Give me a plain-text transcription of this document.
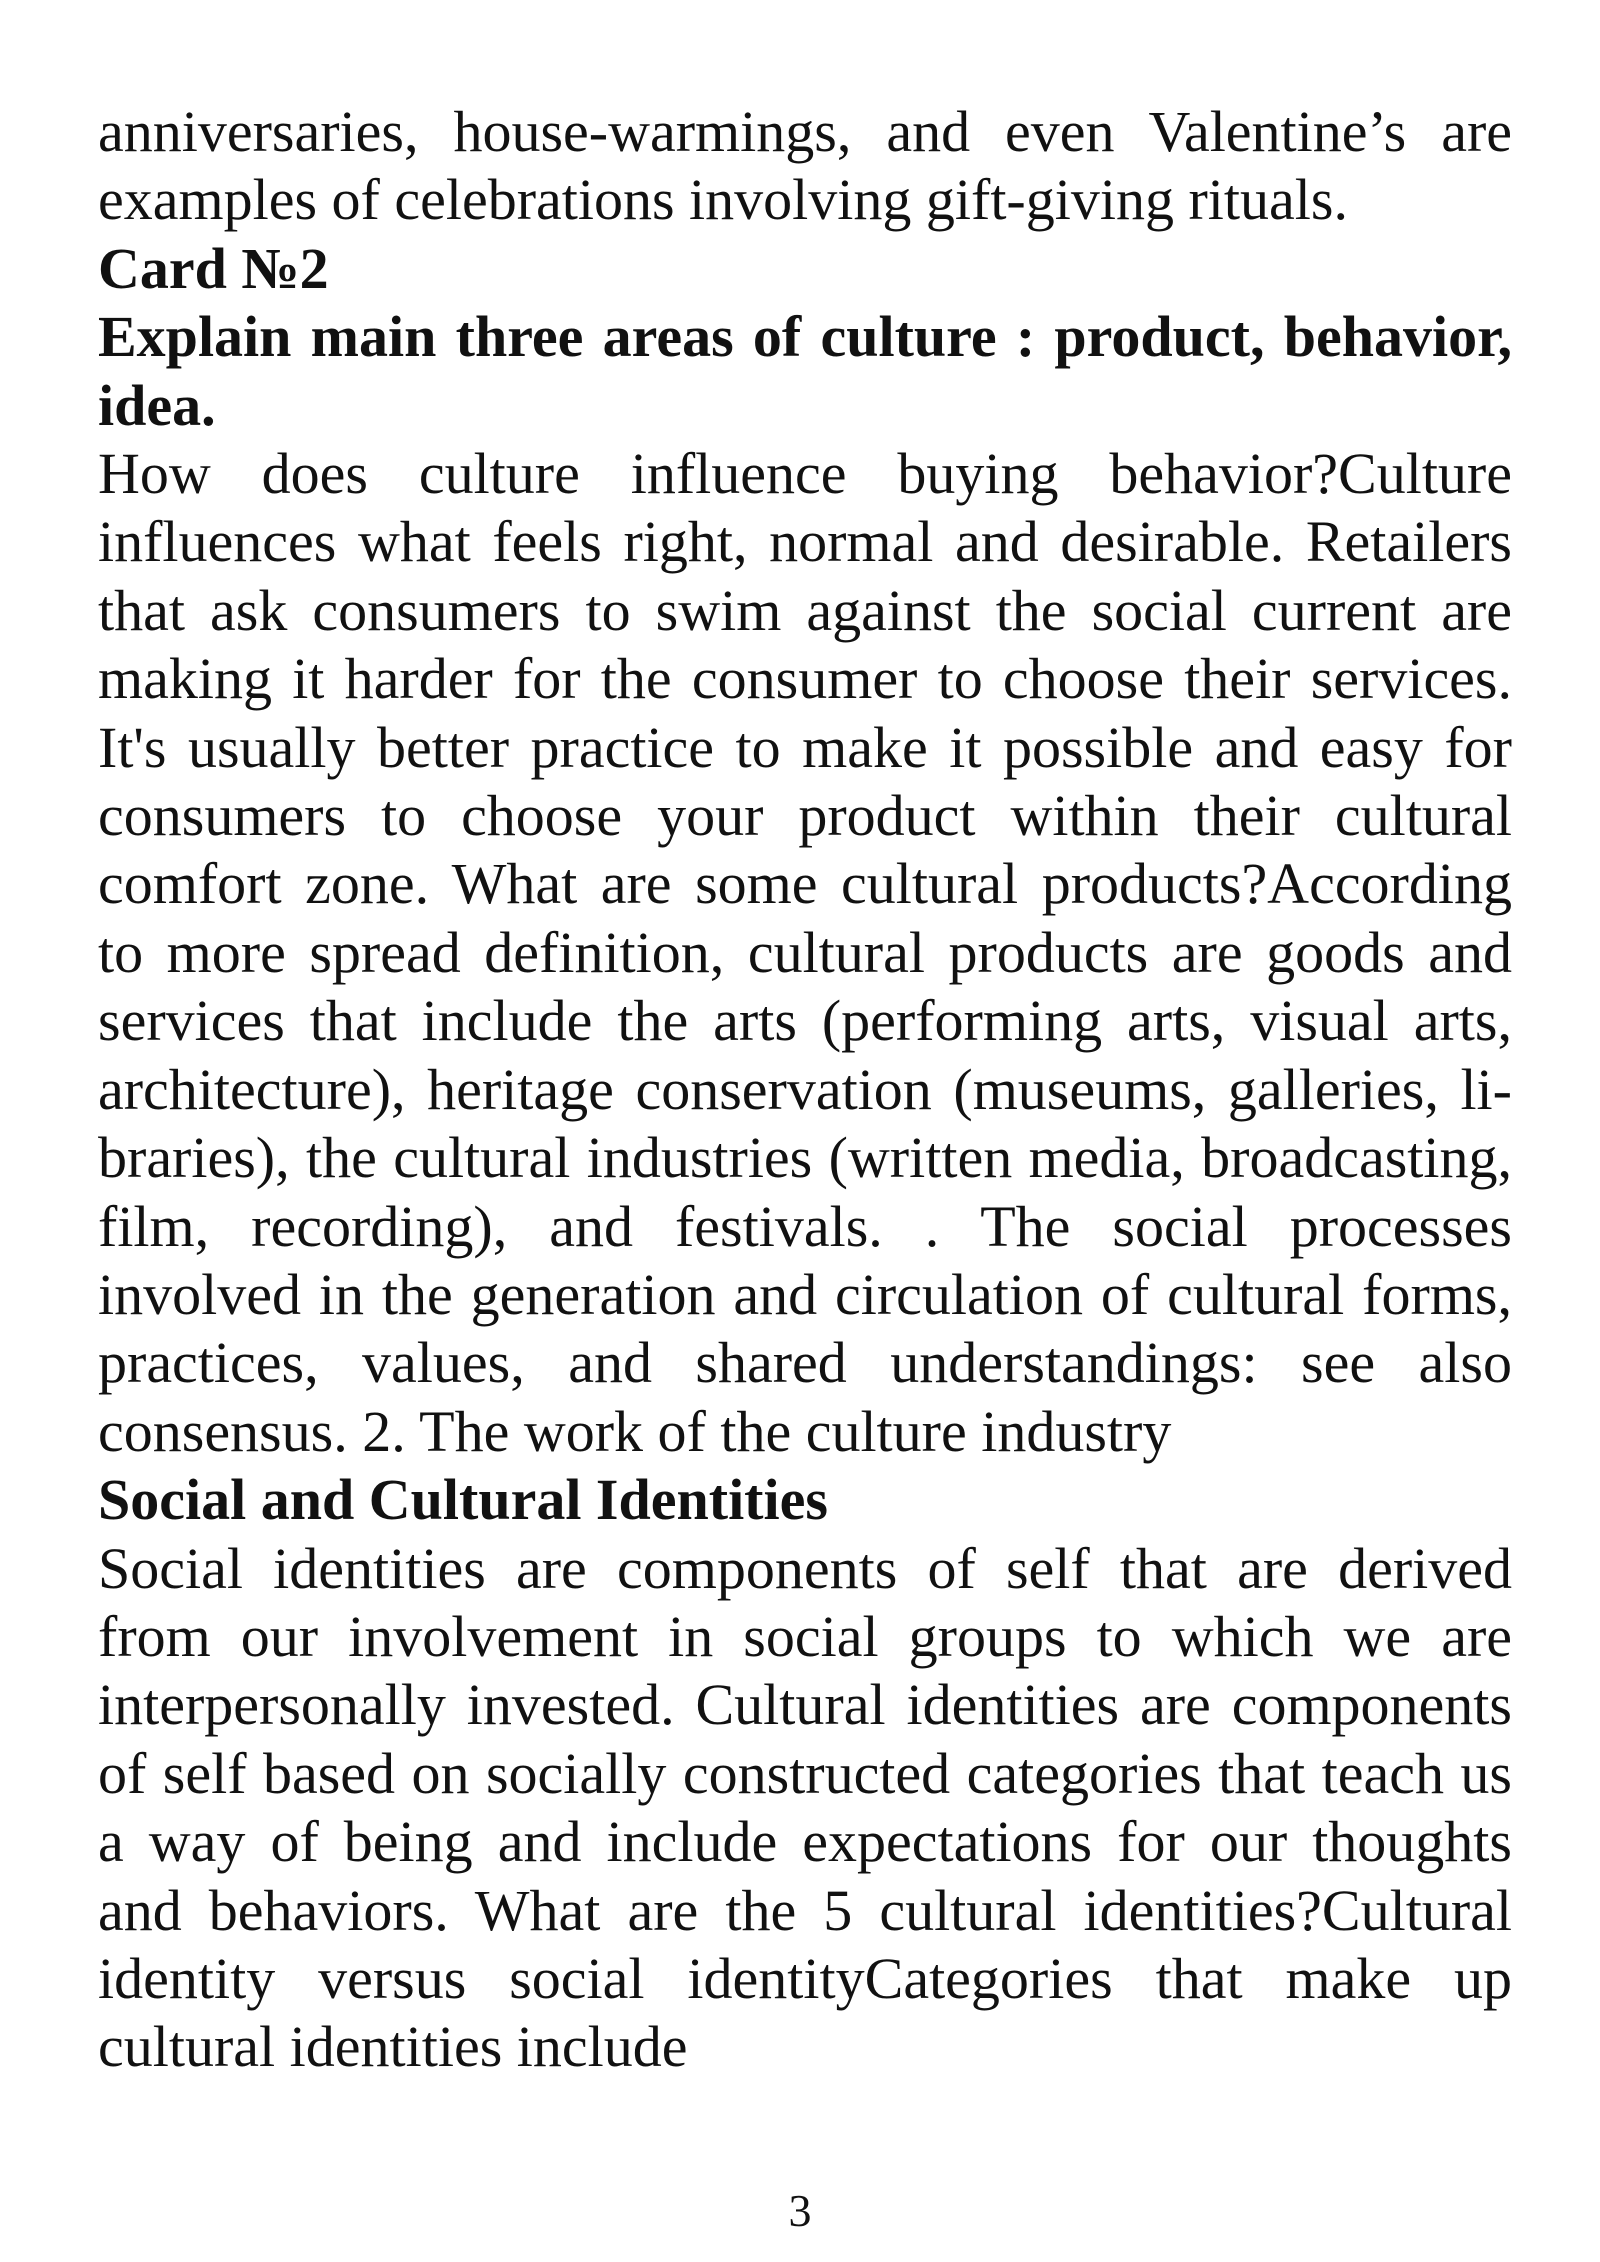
anniversaries, house-warmings, and even Valentine’s are examples of celebrations involving gift-giving rituals.

Card №2

Explain main three areas of culture : product, behavior, idea.

How does culture influence buying behavior?Culture influences what feels right, normal and desirable. Retailers that ask consumers to swim against the social current are making it harder for the consumer to choose their services. It's usually better practice to make it possible and easy for consumers to choose your product within their cultural comfort zone. What are some cultural products?According to more spread definition, cultural products are goods and services that include the arts (performing arts, visual arts, architecture), heritage conservation (museums, galleries, li-braries), the cultural industries (written media, broadcasting, film, recording), and festivals. . The social processes involved in the generation and circulation of cultural forms, practices, values, and shared understandings: see also consensus. 2. The work of the culture industry

Social and Cultural Identities

Social identities are components of self that are derived from our involvement in social groups to which we are interpersonally invested. Cultural identities are components of self based on socially constructed categories that teach us a way of being and include expectations for our thoughts and behaviors. What are the 5 cultural identities?Cultural identity versus social identityCategories that make up cultural identities include

3
